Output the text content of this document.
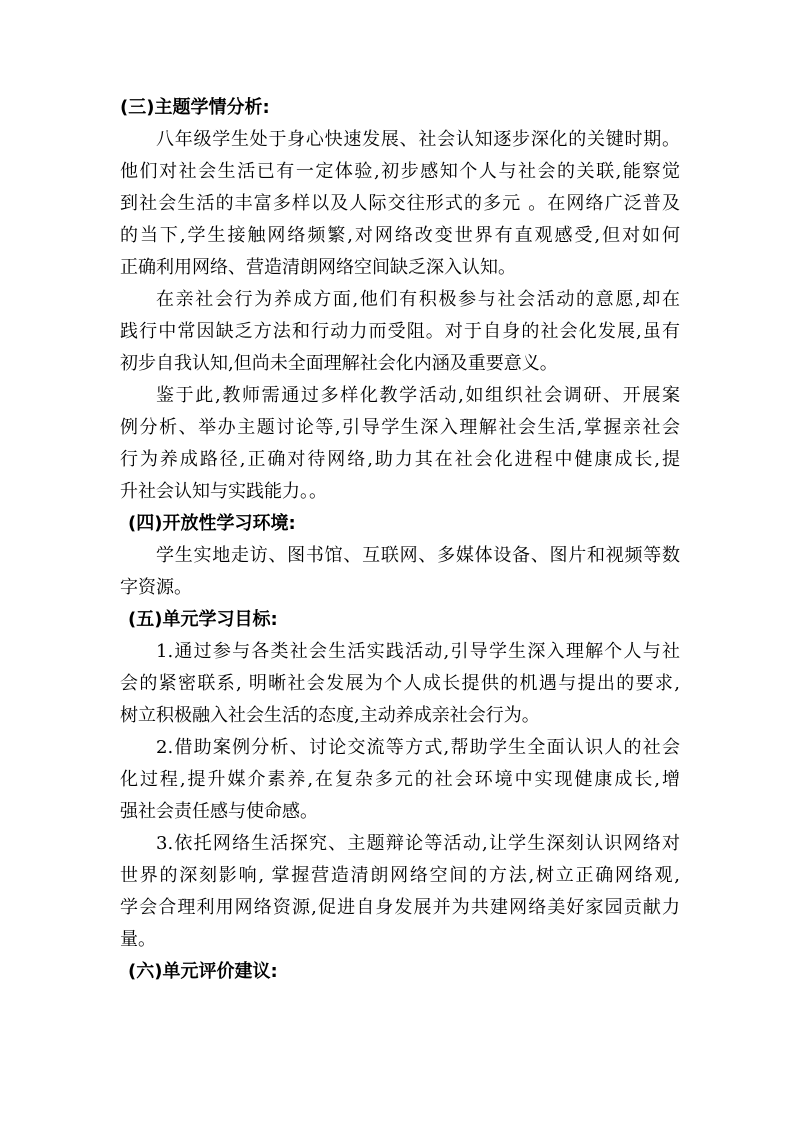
(三)主题学情分析:
八年级学生处于身心快速发展、社会认知逐步深化的关键时期。
他们对社会生活已有一定体验,初步感知个人与社会的关联,能察觉
到社会生活的丰富多样以及人际交往形式的多元 。在网络广泛普及
的当下,学生接触网络频繁,对网络改变世界有直观感受,但对如何
正确利用网络、营造清朗网络空间缺乏深入认知。
在亲社会行为养成方面,他们有积极参与社会活动的意愿,却在
践行中常因缺乏方法和行动力而受阻。对于自身的社会化发展,虽有
初步自我认知,但尚未全面理解社会化内涵及重要意义。
鉴于此,教师需通过多样化教学活动,如组织社会调研、开展案
例分析、举办主题讨论等,引导学生深入理解社会生活,掌握亲社会
行为养成路径,正确对待网络,助力其在社会化进程中健康成长,提
升社会认知与实践能力。。
(四)开放性学习环境:
学生实地走访、图书馆、互联网、多媒体设备、图片和视频等数
字资源。
(五)单元学习目标:
1.通过参与各类社会生活实践活动,引导学生深入理解个人与社
会的紧密联系, 明晰社会发展为个人成长提供的机遇与提出的要求,
树立积极融入社会生活的态度,主动养成亲社会行为。
2.借助案例分析、讨论交流等方式,帮助学生全面认识人的社会
化过程,提升媒介素养,在复杂多元的社会环境中实现健康成长,增
强社会责任感与使命感。
3.依托网络生活探究、主题辩论等活动,让学生深刻认识网络对
世界的深刻影响, 掌握营造清朗网络空间的方法,树立正确网络观,
学会合理利用网络资源,促进自身发展并为共建网络美好家园贡献力
量。
(六)单元评价建议:
